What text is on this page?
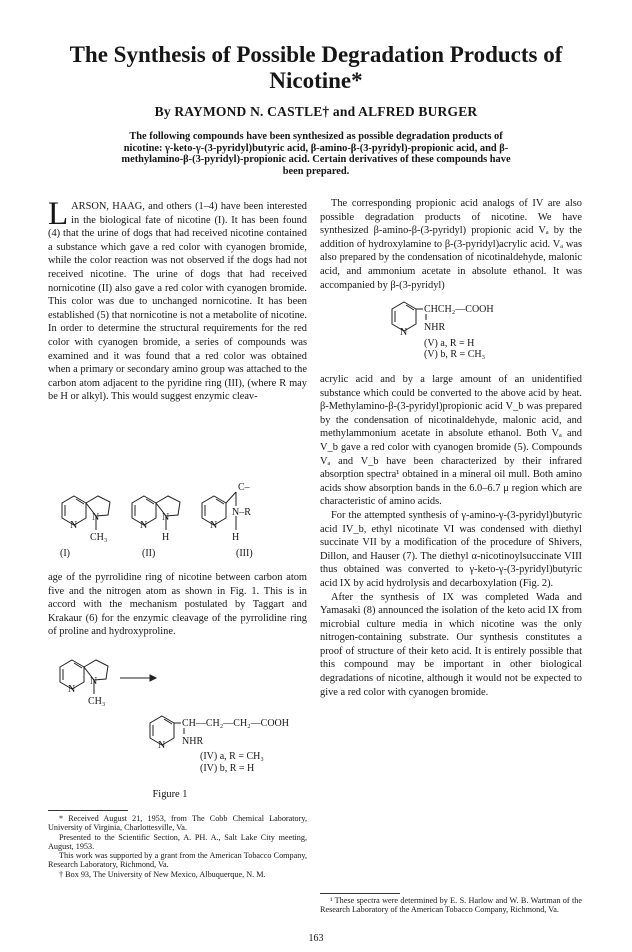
The Synthesis of Possible Degradation Products of Nicotine*
By RAYMOND N. CASTLE† and ALFRED BURGER
The following compounds have been synthesized as possible degradation products of nicotine: γ-keto-γ-(3-pyridyl)butyric acid, β-amino-β-(3-pyridyl)-propionic acid, and β-methylamino-β-(3-pyridyl)-propionic acid. Certain derivatives of these compounds have been prepared.
L ARSON, HAAG, and others (1–4) have been interested in the biological fate of nicotine (I). It has been found (4) that the urine of dogs that had received nicotine contained a substance which gave a red color with cyanogen bromide, while the color reaction was not observed if the dogs had not received nicotine. The urine of dogs that had received nornicotine (II) also gave a red color with cyanogen bromide. This color was due to unchanged nornicotine. It has been established (5) that nornicotine is not a metabolite of nicotine. In order to determine the structural requirements for the red color with cyanogen bromide, a series of compounds was examined and it was found that a red color was obtained when a primary or secondary amino group was attached to the carbon atom adjacent to the pyridine ring (III), (where R may be H or alkyl). This would suggest enzymic cleav-

N
N
CH₃
N
N
H
N
C–
N–R
H
(I)	(II)	(III)

age of the pyrrolidine ring of nicotine between carbon atom five and the nitrogen atom as shown in Fig. 1. This is in accord with the mechanism postulated by Taggart and Krakaur (6) for the enzymic cleavage of the pyrrolidine ring of proline and hydroxyproline.

N
N
CH₃
N
CH—CH₂—CH₂—COOH
NHR
(IV) a, R = CH₃
(IV) b, R = H
Figure 1

* Received August 21, 1953, from The Cobb Chemical Laboratory, University of Virginia, Charlottesville, Va.

Presented to the Scientific Section, A. PH. A., Salt Lake City meeting, August, 1953.

This work was supported by a grant from the American Tobacco Company, Research Laboratory, Richmond, Va.

† Box 93, The University of New Mexico, Albuquerque, N. M.

The corresponding propionic acid analogs of IV are also possible degradation products of nicotine. We have synthesized β-amino-β-(3-pyridyl) propionic acid Vₐ by the addition of hydroxylamine to β-(3-pyridyl)acrylic acid. Vₐ was also prepared by the condensation of nicotinaldehyde, malonic acid, and ammonium acetate in absolute ethanol. It was accompanied by β-(3-pyridyl)

N
CHCH₂—COOH
NHR
(V) a, R = H
(V) b, R = CH₃

acrylic acid and by a large amount of an unidentified substance which could be converted to the above acid by heat. β-Methylamino-β-(3-pyridyl)propionic acid V_b was prepared by the condensation of nicotinaldehyde, malonic acid, and methylammonium acetate in absolute ethanol. Both Vₐ and V_b gave a red color with cyanogen bromide (5). Compounds Vₐ and V_b have been characterized by their infrared absorption spectra¹ obtained in a mineral oil mull. Both amino acids show absorption bands in the 6.0–6.7 μ region which are characteristic of amino acids.

For the attempted synthesis of γ-amino-γ-(3-pyridyl)butyric acid IV_b, ethyl nicotinate VI was condensed with diethyl succinate VII by a modification of the procedure of Shivers, Dillon, and Hauser (7). The diethyl α-nicotinoylsuccinate VIII thus obtained was converted to γ-keto-γ-(3-pyridyl)butyric acid IX by acid hydrolysis and decarboxylation (Fig. 2).

After the synthesis of IX was completed Wada and Yamasaki (8) announced the isolation of the keto acid IX from microbial culture media in which nicotine was the only nitrogen-containing substrate. Our synthesis constitutes a proof of structure of their keto acid. It is entirely possible that this compound may be important in other biological degradations of nicotine, although it would not be expected to give a red color with cyanogen bromide.

¹ These spectra were determined by E. S. Harlow and W. B. Wartman of the Research Laboratory of the American Tobacco Company, Richmond, Va.
163
